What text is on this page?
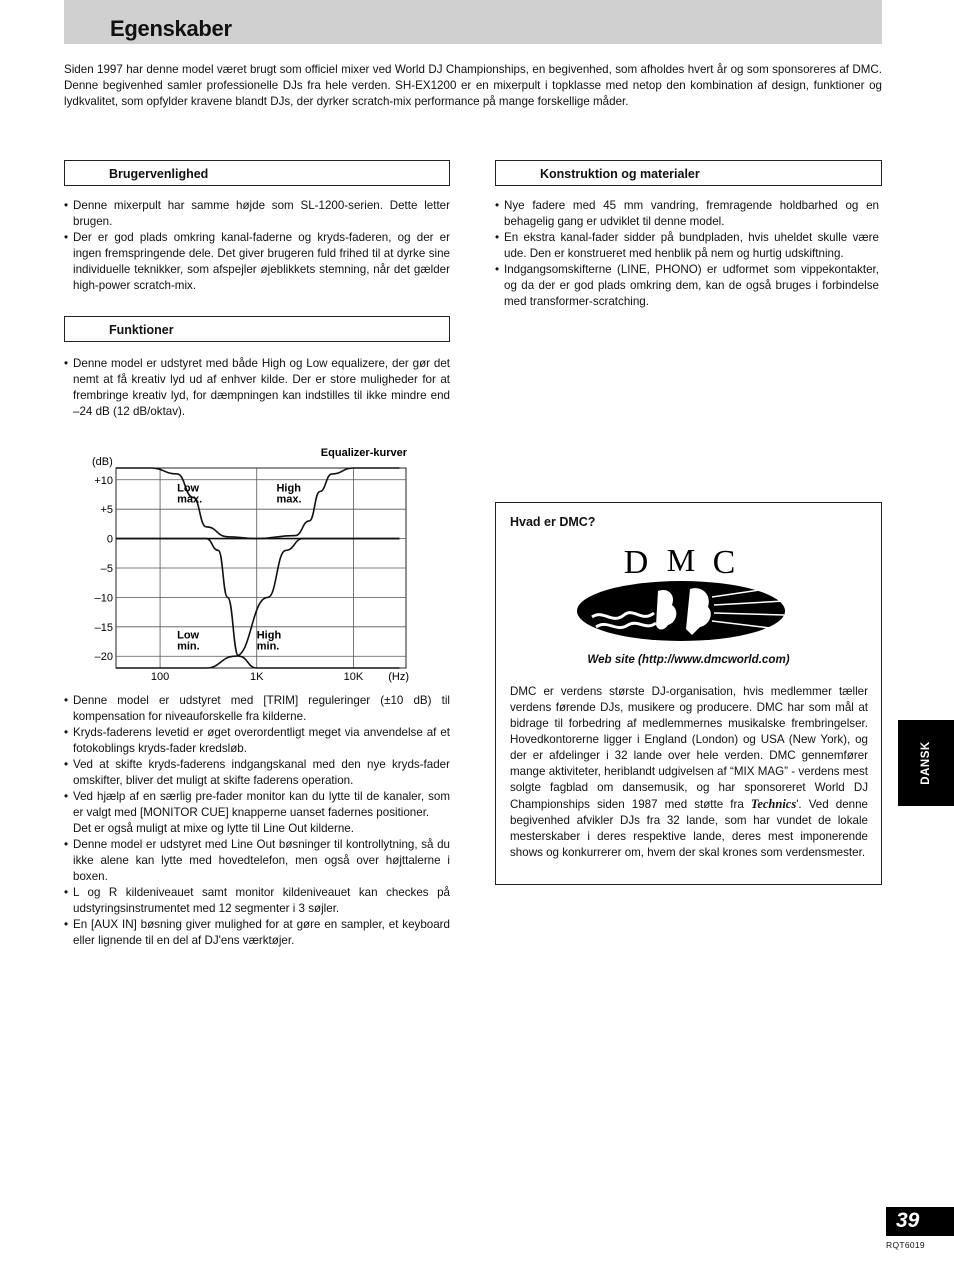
Egenskaber

Siden 1997 har denne model været brugt som officiel mixer ved World DJ Championships, en begivenhed, som afholdes hvert år og som sponsoreres af DMC. Denne begivenhed samler professionelle DJs fra hele verden. SH-EX1200 er en mixerpult i topklasse med netop den kombination af design, funktioner og lydkvalitet, som opfylder kravene blandt DJs, der dyrker scratch-mix performance på mange forskellige måder.

Brugervenlighed
• Denne mixerpult har samme højde som SL-1200-serien. Dette letter brugen.
• Der er god plads omkring kanal-faderne og kryds-faderen, og der er ingen fremspringende dele. Det giver brugeren fuld frihed til at dyrke sine individuelle teknikker, som afspejler øjeblikkets stemning, når det gælder high-power scratch-mix.
Funktioner
• Denne model er udstyret med både High og Low equalizere, der gør det nemt at få kreativ lyd ud af enhver kilde. Der er store muligheder for at frembringe kreativ lyd, for dæmpningen kan indstilles til ikke mindre end –24 dB (12 dB/oktav).
Equalizer-kurver
(dB)
(Hz)
+10
+5
0
–5
–10
–15
–20
100	1K	10K
Low max.
High max.
Low min.
High min.
• Denne model er udstyret med [TRIM] reguleringer (±10 dB) til kompensation for niveauforskelle fra kilderne.
• Kryds-faderens levetid er øget overordentligt meget via anvendelse af et fotokoblings kryds-fader kredsløb.
• Ved at skifte kryds-faderens indgangskanal med den nye kryds-fader omskifter, bliver det muligt at skifte faderens operation.
• Ved hjælp af en særlig pre-fader monitor kan du lytte til de kanaler, som er valgt med [MONITOR CUE] knapperne uanset fadernes positioner.
Det er også muligt at mixe og lytte til Line Out kilderne.
• Denne model er udstyret med Line Out bøsninger til kontrollytning, så du ikke alene kan lytte med hovedtelefon, men også over højttalerne i boxen.
• L og R kildeniveauet samt monitor kildeniveauet kan checkes på udstyringsinstrumentet med 12 segmenter i 3 søjler.
• En [AUX IN] bøsning giver mulighed for at gøre en sampler, et keyboard eller lignende til en del af DJ'ens værktøjer.
Konstruktion og materialer
• Nye fadere med 45 mm vandring, fremragende holdbarhed og en behagelig gang er udviklet til denne model.
• En ekstra kanal-fader sidder på bundpladen, hvis uheldet skulle være ude. Den er konstrueret med henblik på nem og hurtig udskiftning.
• Indgangsomskifterne (LINE, PHONO) er udformet som vippekontakter, og da der er god plads omkring dem, kan de også bruges i forbindelse med transformer-scratching.
Hvad er DMC?
D M C
Web site (http://www.dmcworld.com)

DMC er verdens største DJ-organisation, hvis medlemmer tæller verdens førende DJs, musikere og producere. DMC har som mål at bidrage til forbedring af medlemmernes musikalske frembringelser. Hovedkontorerne ligger i England (London) og USA (New York), og der er afdelinger i 32 lande over hele verden. DMC gennemfører mange aktiviteter, heriblandt udgivelsen af “MIX MAG” - verdens mest solgte fagblad om dansemusik, og har sponsoreret World DJ Championships siden 1987 med støtte fra Technics'. Ved denne begivenhed afvikler DJs fra 32 lande, som har vundet de lokale mesterskaber i deres respektive lande, deres mest imponerende shows og konkurrerer om, hvem der skal krones som verdensmester.

DANSK
39
RQT6019
